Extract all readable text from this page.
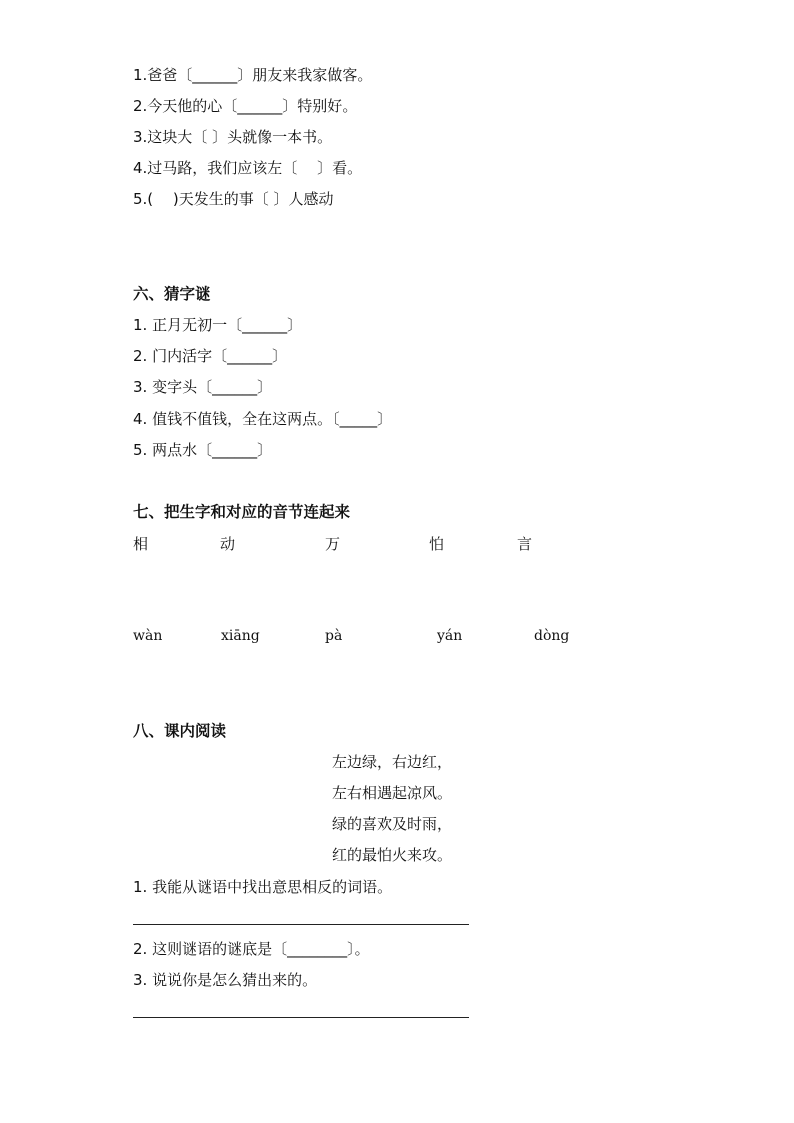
1.爸爸〔______〕朋友来我家做客。
2.今天他的心〔______〕特别好。
3.这块大〔 〕头就像一本书。
4.过马路，我们应该左〔　 〕看。
5.(　 )天发生的事〔 〕人感动
六、猜字谜
1. 正月无初一〔______〕
2. 门内活字〔______〕
3. 变字头〔______〕
4. 值钱不值钱，全在这两点。〔_____〕
5. 两点水〔______〕
七、把生字和对应的音节连起来
相	动	万	怕	言
wàn	xiāng	pà	yán	dòng
八、课内阅读
左边绿，右边红，
左右相遇起凉风。
绿的喜欢及时雨，
红的最怕火来攻。
1. 我能从谜语中找出意思相反的词语。
2. 这则谜语的谜底是〔________〕。
3. 说说你是怎么猜出来的。
